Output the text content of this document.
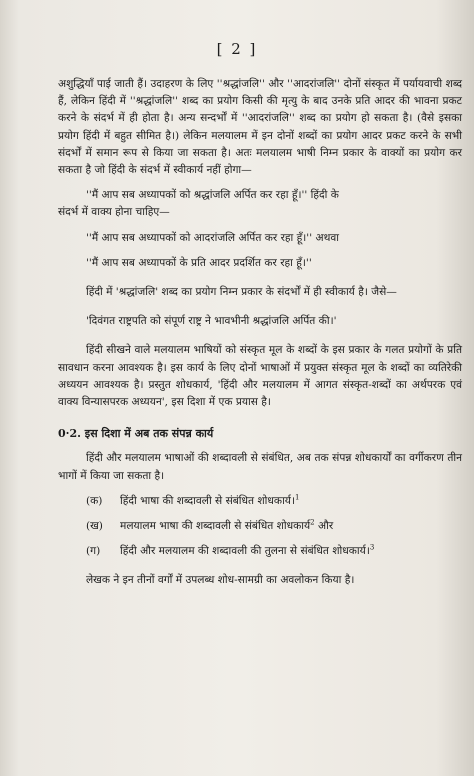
[ 2 ]

अशुद्धियाँ पाई जाती हैं। उदाहरण के लिए ''श्रद्धांजलि'' और ''आदरांजलि'' दोनों संस्कृत में पर्यायवाची शब्द हैं, लेकिन हिंदी में ''श्रद्धांजलि'' शब्द का प्रयोग किसी की मृत्यु के बाद उनके प्रति आदर की भावना प्रकट करने के संदर्भ में ही होता है। अन्य सन्दर्भों में ''आदरांजलि'' शब्द का प्रयोग हो सकता है। (वैसे इसका प्रयोग हिंदी में बहुत सीमित है।) लेकिन मलयालम में इन दोनों शब्दों का प्रयोग आदर प्रकट करने के सभी संदर्भों में समान रूप से किया जा सकता है। अतः मलयालम भाषी निम्न प्रकार के वाक्यों का प्रयोग कर सकता है जो हिंदी के संदर्भ में स्वीकार्य नहीं होगा—

''मैं आप सब अध्यापकों को श्रद्धांजलि अर्पित कर रहा हूँ।'' हिंदी के

संदर्भ में वाक्य होना चाहिए—

''मैं आप सब अध्यापकों को आदरांजलि अर्पित कर रहा हूँ।'' अथवा

''मैं आप सब अध्यापकों के प्रति आदर प्रदर्शित कर रहा हूँ।''

हिंदी में 'श्रद्धांजलि' शब्द का प्रयोग निम्न प्रकार के संदर्भों में ही स्वीकार्य है। जैसे—

'दिवंगत राष्ट्रपति को संपूर्ण राष्ट्र ने भावभीनी श्रद्धांजलि अर्पित की।'

हिंदी सीखने वाले मलयालम भाषियों को संस्कृत मूल के शब्दों के इस प्रकार के गलत प्रयोगों के प्रति सावधान करना आवश्यक है। इस कार्य के लिए दोनों भाषाओं में प्रयुक्त संस्कृत मूल के शब्दों का व्यतिरेकी अध्ययन आवश्यक है। प्रस्तुत शोधकार्य, 'हिंदी और मलयालम में आगत संस्कृत-शब्दों का अर्थपरक एवं वाक्य विन्यासपरक अध्ययन', इस दिशा में एक प्रयास है।

0·2. इस दिशा में अब तक संपन्न कार्य

हिंदी और मलयालम भाषाओं की शब्दावली से संबंधित, अब तक संपन्न शोधकार्यों का वर्गीकरण तीन भागों में किया जा सकता है।

(क)	हिंदी भाषा की शब्दावली से संबंधित शोधकार्य।$^1$
(ख)	मलयालम भाषा की शब्दावली से संबंधित शोधकार्य$^2$ और
(ग)	हिंदी और मलयालम की शब्दावली की तुलना से संबंधित शोधकार्य।$^3$

लेखक ने इन तीनों वर्गों में उपलब्ध शोध-सामग्री का अवलोकन किया है।
